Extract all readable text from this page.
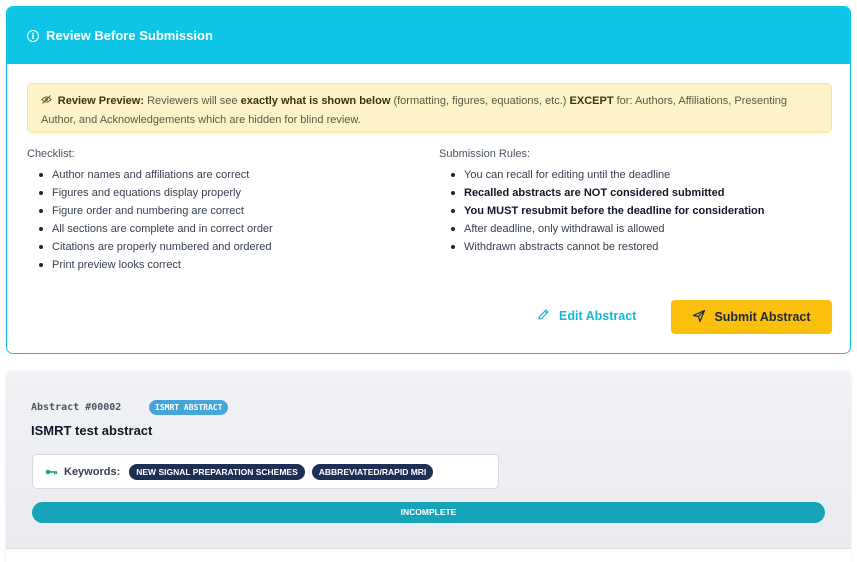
i Review Before Submission
Review Preview: Reviewers will see exactly what is shown below (formatting, figures, equations, etc.) EXCEPT for: Authors, Affiliations, Presenting Author, and Acknowledgements which are hidden for blind review.
Checklist:
Author names and affiliations are correct
Figures and equations display properly
Figure order and numbering are correct
All sections are complete and in correct order
Citations are properly numbered and ordered
Print preview looks correct
Submission Rules:
You can recall for editing until the deadline
Recalled abstracts are NOT considered submitted
You MUST resubmit before the deadline for consideration
After deadline, only withdrawal is allowed
Withdrawn abstracts cannot be restored
Edit Abstract	Submit Abstract
Abstract #00002	ISMRT ABSTRACT
ISMRT test abstract
Keywords:	NEW SIGNAL PREPARATION SCHEMES	ABBREVIATED/RAPID MRI
INCOMPLETE
